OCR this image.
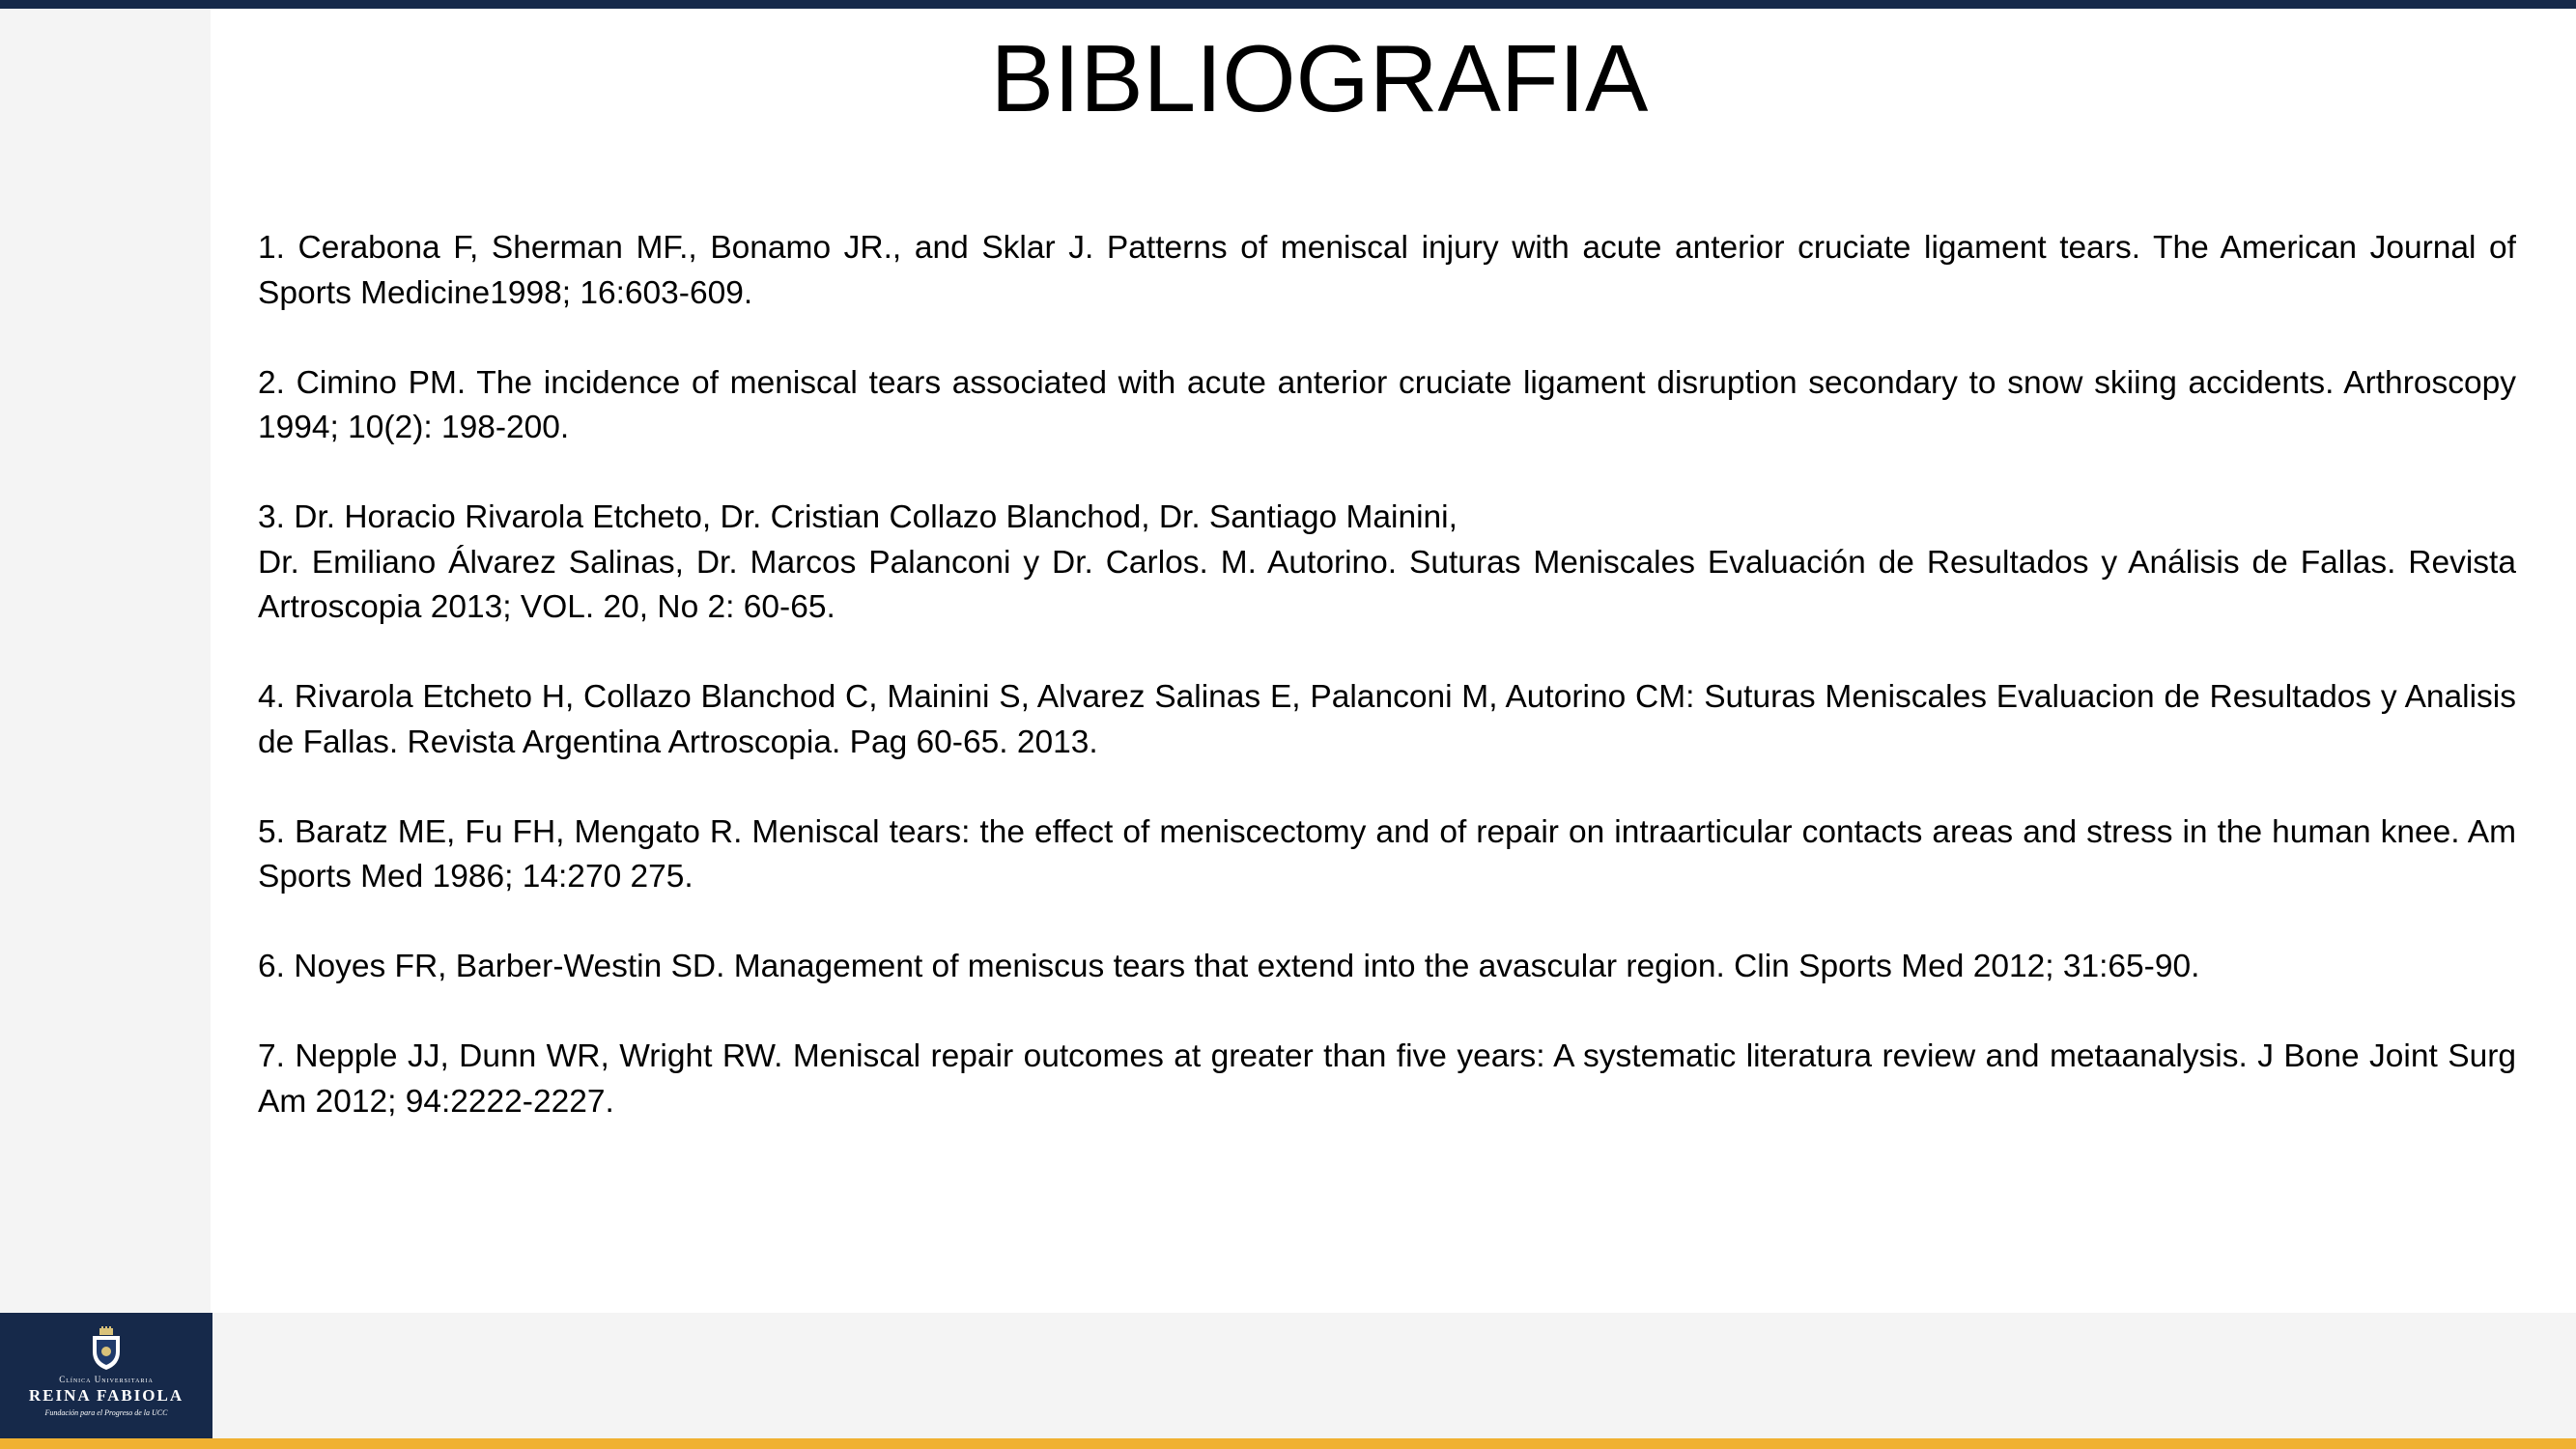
BIBLIOGRAFIA
1. Cerabona F, Sherman MF., Bonamo JR., and Sklar J. Patterns of meniscal injury with acute anterior cruciate ligament tears. The American Journal of Sports Medicine1998; 16:603-609.
2. Cimino PM. The incidence of meniscal tears associated with acute anterior cruciate ligament disruption secondary to snow skiing accidents. Arthroscopy 1994; 10(2): 198-200.
3. Dr. Horacio Rivarola Etcheto, Dr. Cristian Collazo Blanchod, Dr. Santiago Mainini,
Dr. Emiliano Álvarez Salinas, Dr. Marcos Palanconi y Dr. Carlos. M. Autorino. Suturas Meniscales Evaluación de Resultados y Análisis de Fallas. Revista Artroscopia 2013; VOL. 20, No 2: 60-65.
4. Rivarola Etcheto H, Collazo Blanchod C, Mainini S, Alvarez Salinas E, Palanconi M, Autorino CM: Suturas Meniscales Evaluacion de Resultados y Analisis de Fallas. Revista Argentina Artroscopia. Pag 60-65. 2013.
5. Baratz ME, Fu FH, Mengato R. Meniscal tears: the effect of meniscectomy and of repair on intraarticular contacts areas and stress in the human knee. Am Sports Med 1986; 14:270 275.
6. Noyes FR, Barber-Westin SD. Management of meniscus tears that extend into the avascular region. Clin Sports Med 2012; 31:65-90.
7. Nepple JJ, Dunn WR, Wright RW. Meniscal repair outcomes at greater than five years: A systematic literatura review and metaanalysis. J Bone Joint Surg Am 2012; 94:2222-2227.
Clínica Universitaria
REINA FABIOLA
Fundación para el Progreso de la UCC
